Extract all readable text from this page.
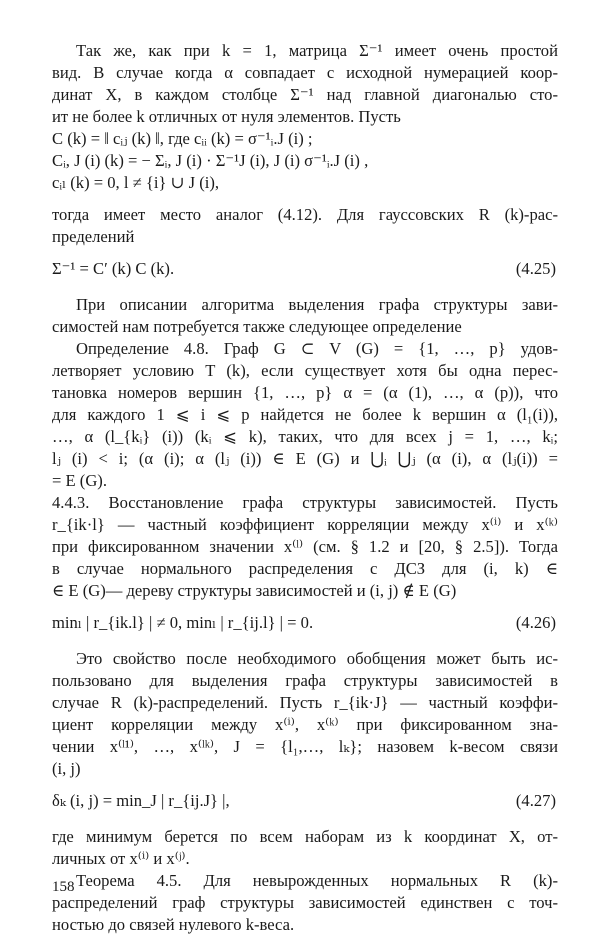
Так же, как при k = 1, матрица Σ⁻¹ имеет очень простой
вид. В случае когда α совпадает с исходной нумерацией коор-
динат X, в каждом столбце Σ⁻¹ над главной диагональю сто-
ит не более k отличных от нуля элементов. Пусть
C (k) = ‖ cᵢⱼ (k) ‖, где cᵢᵢ (k) = σ⁻¹ᵢ.J (i) ;
Cᵢ, J (i) (k) = − Σᵢ, J (i) · Σ⁻¹J (i), J (i) σ⁻¹ᵢ.J (i) ,
cᵢₗ (k) = 0, l ≠ {i} ∪ J (i),
тогда имеет место аналог (4.12). Для гауссовских R (k)-рас-
пределений
Σ⁻¹ = C′ (k) C (k).	(4.25)
При описании алгоритма выделения графа структуры зави-
симостей нам потребуется также следующее определение
Определение 4.8. Граф G ⊂ V (G) = {1, …, p} удов-
летворяет условию T (k), если существует хотя бы одна перес-
тановка номеров вершин {1, …, p} α = (α (1), …, α (p)), что
для каждого 1 ⩽ i ⩽ p найдется не более k вершин α (l₁(i)),
…, α (l_{kᵢ} (i)) (kᵢ ⩽ k), таких, что для всех j = 1, …, kᵢ;
lⱼ (i) < i; (α (i); α (lⱼ (i)) ∈ E (G) и ⋃ᵢ ⋃ⱼ (α (i), α (lⱼ(i)) =
= E (G).
4.4.3. Восстановление графа структуры зависимостей. Пусть
r_{ik·l} — частный коэффициент корреляции между x⁽ⁱ⁾ и x⁽ᵏ⁾
при фиксированном значении x⁽ˡ⁾ (см. § 1.2 и [20, § 2.5]). Тогда
в случае нормального распределения с ДСЗ для (i, k) ∈
∈ E (G)— дереву структуры зависимостей и (i, j) ∉ E (G)
minₗ | r_{ik.l} | ≠ 0, minₗ | r_{ij.l} | = 0.	(4.26)
Это свойство после необходимого обобщения может быть ис-
пользовано для выделения графа структуры зависимостей в
случае R (k)-распределений. Пусть r_{ik·J} — частный коэффи-
циент корреляции между x⁽ⁱ⁾, x⁽ᵏ⁾ при фиксированном зна-
чении x⁽ˡ¹⁾, …, x⁽ˡᵏ⁾, J = {l₁,…, lₖ}; назовем k-весом связи
(i, j)
δₖ (i, j) = min_J | r_{ij.J} |,	(4.27)
где минимум берется по всем наборам из k координат X, от-
личных от x⁽ⁱ⁾ и x⁽ʲ⁾.
Теорема 4.5. Для невырожденных нормальных R (k)-
распределений граф структуры зависимостей единствен с точ-
ностью до связей нулевого k-веса.
158
